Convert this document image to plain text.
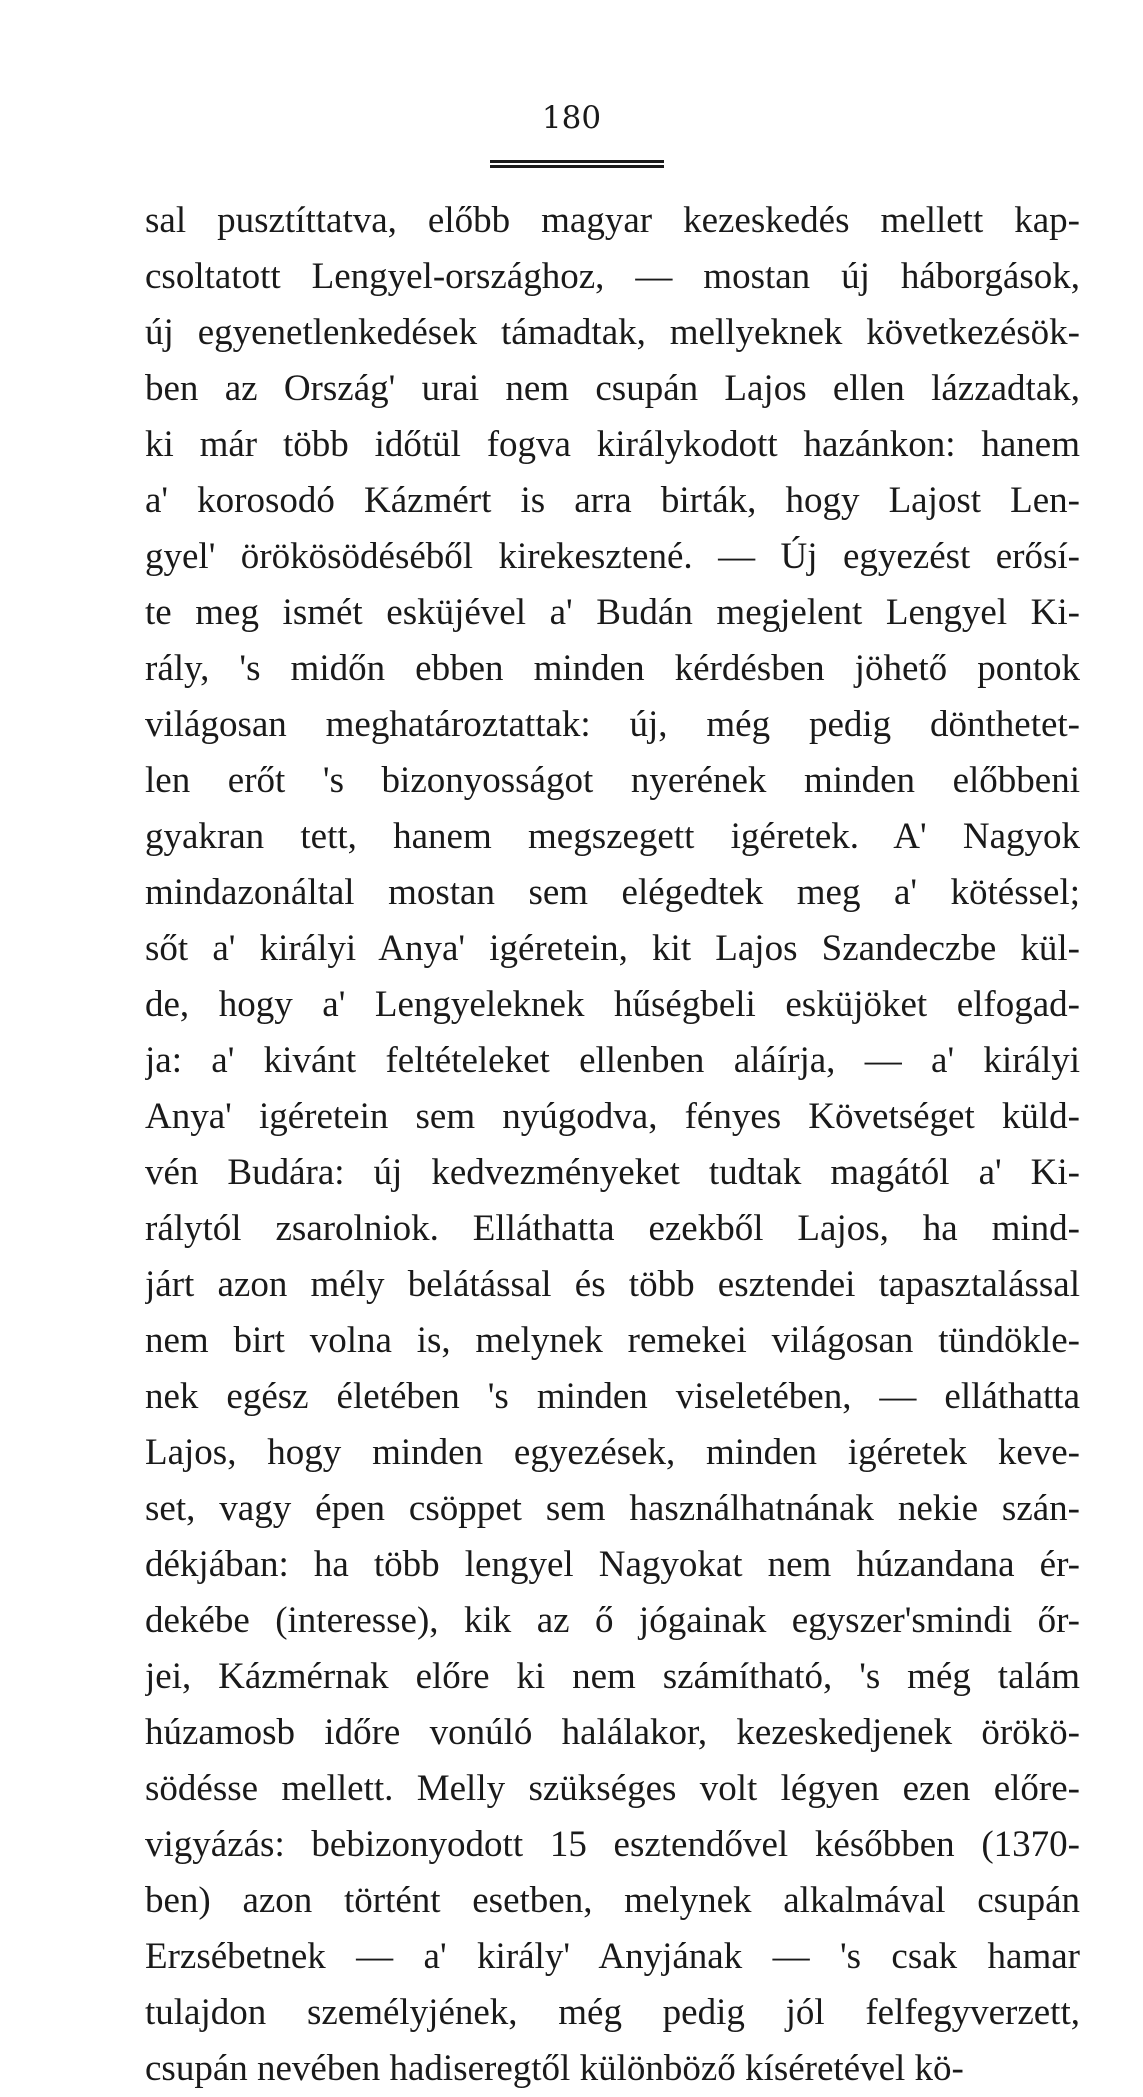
180
sal pusztíttatva, előbb magyar kezeskedés mellett kap-
csoltatott Lengyel-országhoz, — mostan új háborgások,
új egyenetlenkedések támadtak, mellyeknek következésök-
ben az Ország' urai nem csupán Lajos ellen lázzadtak,
ki már több időtül fogva királykodott hazánkon: hanem
a' korosodó Kázmért is arra birták, hogy Lajost Len-
gyel' örökösödéséből kirekesztené. — Új egyezést erősí-
te meg ismét esküjével a' Budán megjelent Lengyel Ki-
rály, 's midőn ebben minden kérdésben jöhető pontok
világosan meghatároztattak: új, még pedig dönthetet-
len erőt 's bizonyosságot nyerének minden előbbeni
gyakran tett, hanem megszegett igéretek. A' Nagyok
mindazonáltal mostan sem elégedtek meg a' kötéssel;
sőt a' királyi Anya' igéretein, kit Lajos Szandeczbe kül-
de, hogy a' Lengyeleknek hűségbeli esküjöket elfogad-
ja: a' kivánt feltételeket ellenben aláírja, — a' királyi
Anya' igéretein sem nyúgodva, fényes Követséget küld-
vén Budára: új kedvezményeket tudtak magától a' Ki-
rálytól zsarolniok. Elláthatta ezekből Lajos, ha mind-
járt azon mély belátással és több esztendei tapasztalással
nem birt volna is, melynek remekei világosan tündökle-
nek egész életében 's minden viseletében, — elláthatta
Lajos, hogy minden egyezések, minden igéretek keve-
set, vagy épen csöppet sem használhatnának nekie szán-
dékjában: ha több lengyel Nagyokat nem húzandana ér-
dekébe (interesse), kik az ő jógainak egyszer'smindi őr-
jei, Kázmérnak előre ki nem számítható, 's még talám
húzamosb időre vonúló halálakor, kezeskedjenek örökö-
södésse mellett. Melly szükséges volt légyen ezen előre-
vigyázás: bebizonyodott 15 esztendővel későbben (1370-
ben) azon történt esetben, melynek alkalmával csupán
Erzsébetnek — a' király' Anyjának — 's csak hamar
tulajdon személyjének, még pedig jól felfegyverzett,
csupán nevében hadiseregtől különböző kíséretével kö-
